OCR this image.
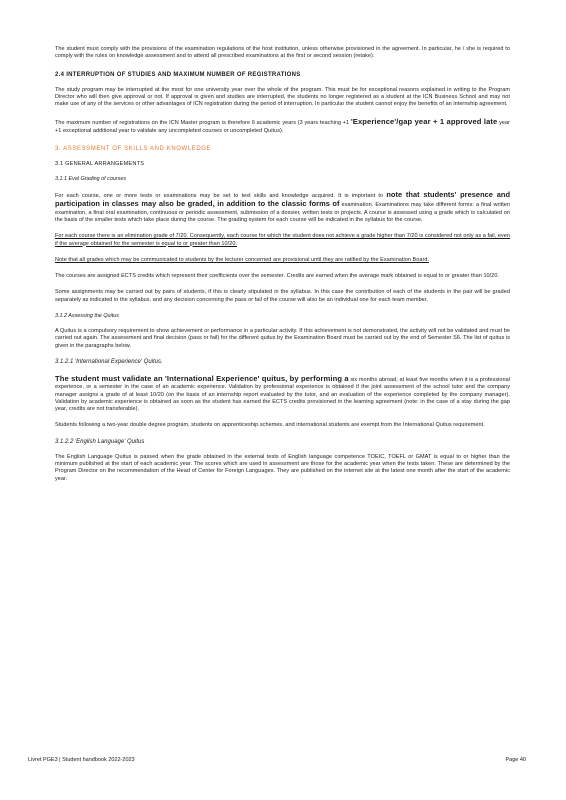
The student must comply with the provisions of the examination regulations of the host institution, unless otherwise provisioned in the agreement. In particular, he / she is required to comply with the rules on knowledge assessment and to attend all prescribed examinations at the first or second session (retake).

2.4 INTERRUPTION OF STUDIES AND MAXIMUM NUMBER OF REGISTRATIONS

The study program may be interrupted at the most for one university year over the whole of the program. This must be for exceptional reasons explained in writing to the Program Director who will then give approval or not. If approval is given and studies are interrupted, the students no longer registered as a student at the ICN Business School and may not make use of any of the services or other advantages of ICN registration during the period of interruption. In particular the student cannot enjoy the benefits of an internship agreement.

The maximum number of registrations on the ICN Master program is therefore 6 academic years (3 years teaching +1 'Experience'/gap year + 1 approved late year +1 exceptional additional year to validate any uncompleted courses or uncompleted Quitus).

3. ASSESSMENT OF SKILLS AND KNOWLEDGE
3.1 GENERAL ARRANGEMENTS
3.1.1 Eval Grading of courses

For each course, one or more tests or examinations may be set to test skills and knowledge acquired. It is important to note that students' presence and participation in classes may also be graded, in addition to the classic forms of examination. Examinations may take different forms: a final written examination, a final oral examination, continuous or periodic assessment, submission of a dossier, written tests or projects. A course is assessed using a grade which is calculated on the basis of the smaller tests which take place during the course. The grading system for each course will be indicated in the syllabus for the course.

For each course there is an elimination grade of 7/20. Consequently, each course for which the student does not achieve a grade higher than 7/20 is considered not only as a fail, even if the average obtained for the semester is equal to or greater than 10/20.

Note that all grades which may be communicated to students by the lecturer concerned are provisional until they are ratified by the Examination Board.

The courses are assigned ECTS credits which represent their coefficients over the semester. Credits are earned when the average mark obtained is equal to or greater than 10/20.

Some assignments may be carried out by pairs of students, if this is clearly stipulated in the syllabus. In this case the contribution of each of the students in the pair will be graded separately as indicated in the syllabus, and any decision concerning the pass or fail of the course will also be an individual one for each team member.

3.1.2 Assessing the Quitus

A Quitus is a compulsory requirement to show achievement or performance in a particular activity. If this achievement is not demonstrated, the activity will not be validated and must be carried out again. The assessment and final decision (pass or fail) for the different quitus by the Examination Board must be carried out by the end of Semester S6. The list of quitus is given in the paragraphs below.

3.1.2.1 'International Experience' Quitus.

The student must validate an 'International Experience' quitus, by performing a six months abroad, at least five months when it is a professional experience, or a semester in the case of an academic experience. Validation by professional experience is obtained if the joint assessment of the school tutor and the company manager assigns a grade of at least 10/20 (on the basis of an internship report evaluated by the tutor, and an evaluation of the experience completed by the company manager). Validation by academic experience is obtained as soon as the student has earned the ECTS credits provisioned in the learning agreement (note: in the case of a stay during the gap year, credits are not transferable).

Students following a two-year double degree program, students on apprenticeship schemes, and international students are exempt from the International Quitus requirement.

3.1.2.2 'English Language' Quitus

The English Language Quitus is passed when the grade obtained in the external tests of English language competence TOEIC, TOEFL or GMAT is equal to or higher than the minimum published at the start of each academic year. The scores which are used in assessment are those for the academic year when the tests taken. These are determined by the Program Director on the recommendation of the Head of Center for Foreign Languages. They are published on the internet site at the latest one month after the start of the academic year.

Livret PGE3 | Student handbook 2022-2023	Page 40
